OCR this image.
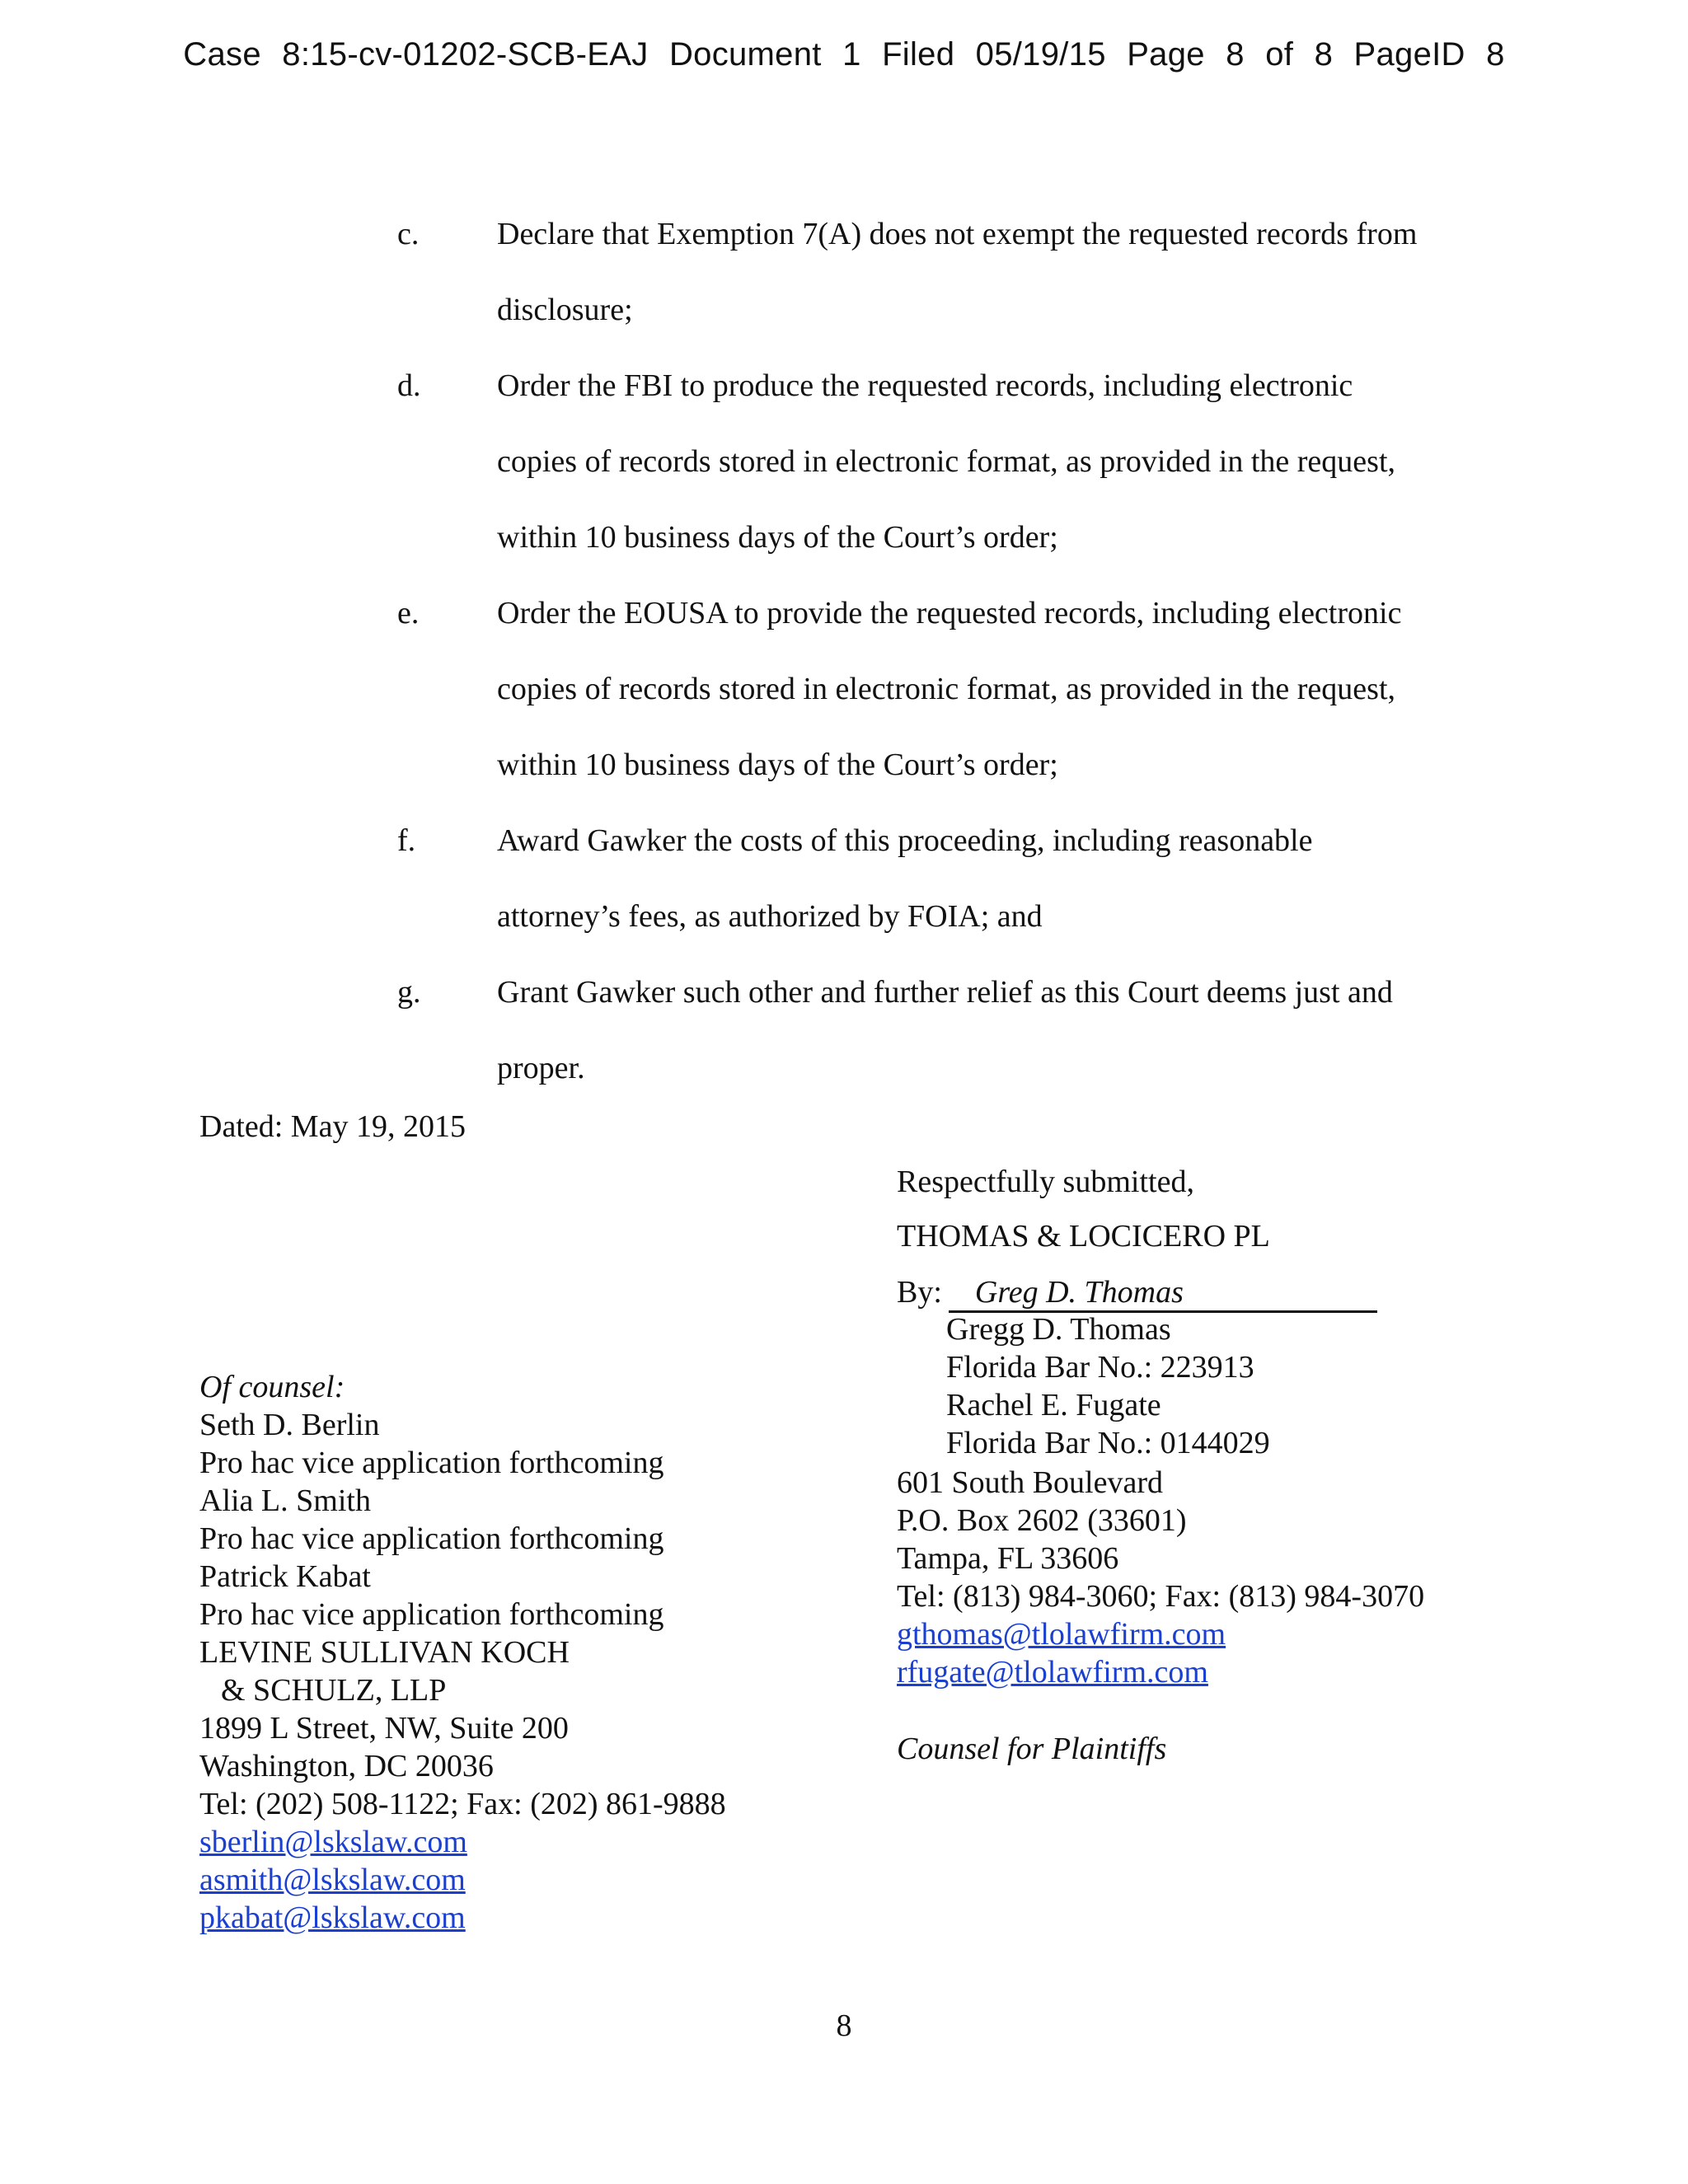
Case 8:15-cv-01202-SCB-EAJ Document 1 Filed 05/19/15 Page 8 of 8 PageID 8
c. Declare that Exemption 7(A) does not exempt the requested records from
disclosure;
d. Order the FBI to produce the requested records, including electronic
copies of records stored in electronic format, as provided in the request,
within 10 business days of the Court’s order;
e. Order the EOUSA to provide the requested records, including electronic
copies of records stored in electronic format, as provided in the request,
within 10 business days of the Court’s order;
f.	Award Gawker the costs of this proceeding, including reasonable
attorney’s fees, as authorized by FOIA; and
g. Grant Gawker such other and further relief as this Court deems just and
proper.
Dated: May 19, 2015
Respectfully submitted,
THOMAS & LOCICERO PL
By: Greg D. Thomas
Gregg D. Thomas
Florida Bar No.: 223913
Rachel E. Fugate
Florida Bar No.: 0144029
601 South Boulevard
P.O. Box 2602 (33601)
Tampa, FL 33606
Tel: (813) 984-3060; Fax: (813) 984-3070
gthomas@tlolawfirm.com
rfugate@tlolawfirm.com
Counsel for Plaintiffs
Of counsel:
Seth D. Berlin
Pro hac vice application forthcoming
Alia L. Smith
Pro hac vice application forthcoming
Patrick Kabat
Pro hac vice application forthcoming
LEVINE SULLIVAN KOCH
& SCHULZ, LLP
1899 L Street, NW, Suite 200
Washington, DC 20036
Tel: (202) 508-1122; Fax: (202) 861-9888
sberlin@lskslaw.com
asmith@lskslaw.com
pkabat@lskslaw.com
8
